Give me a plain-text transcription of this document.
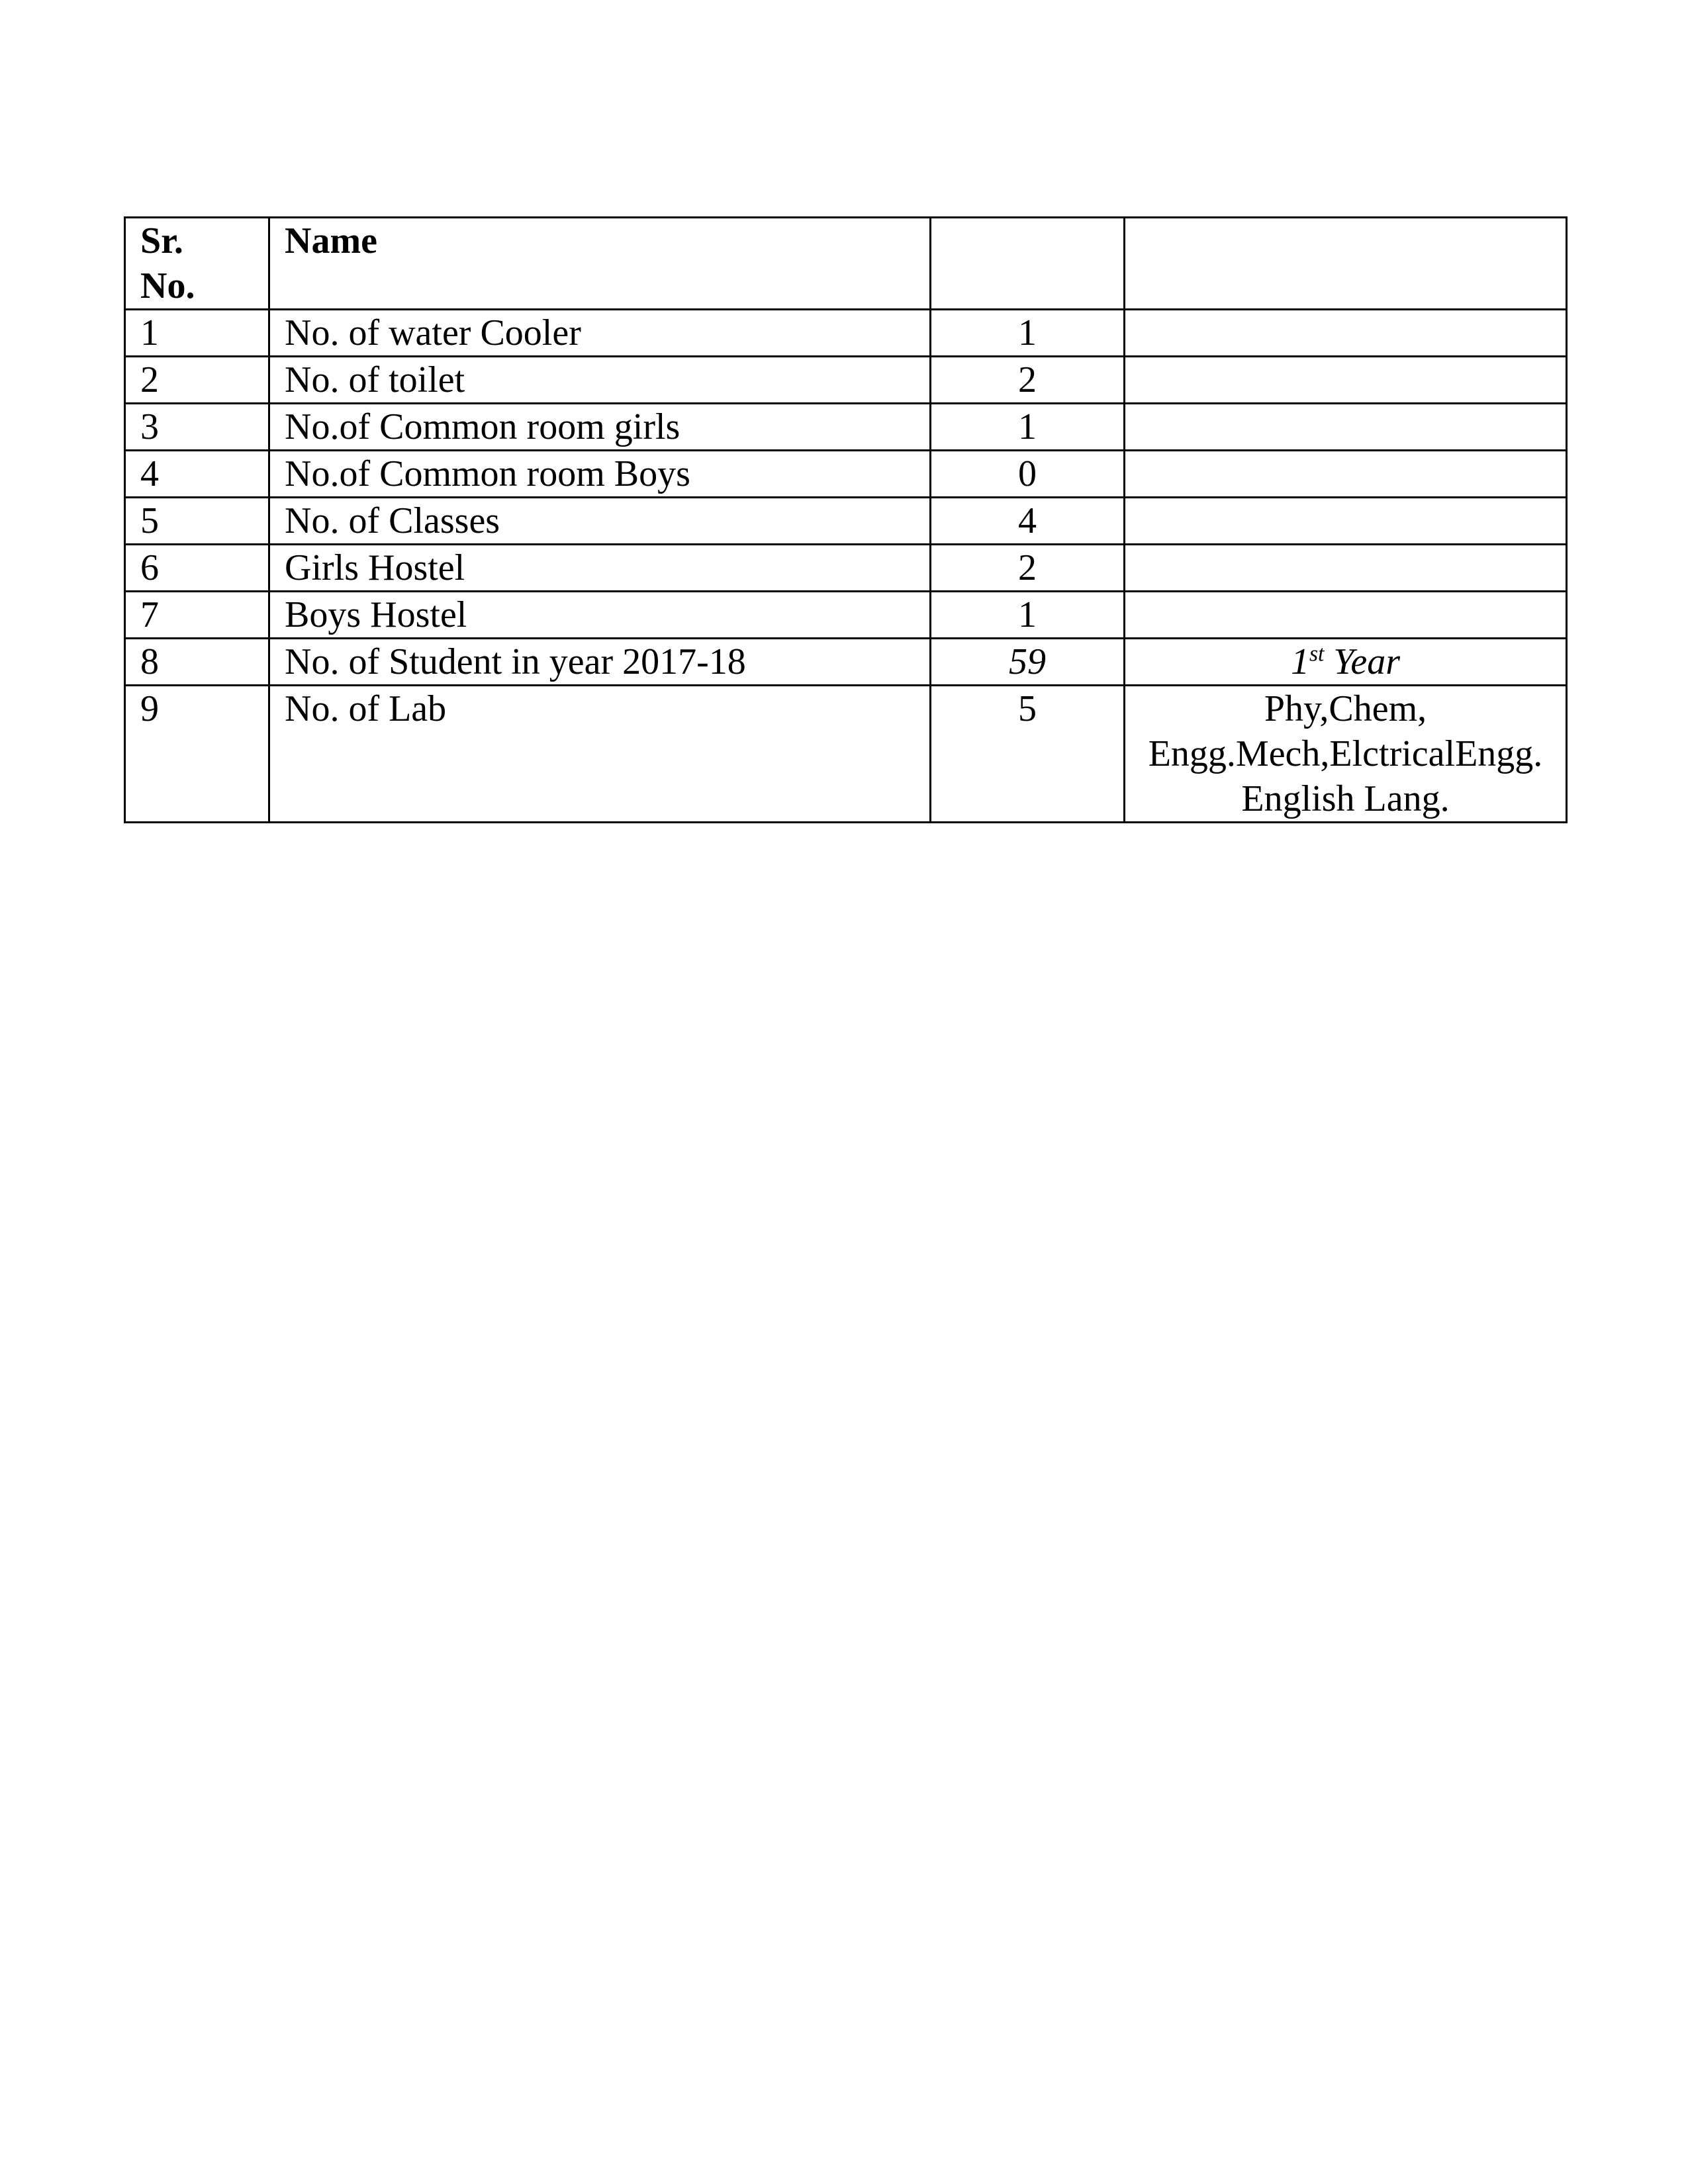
Sr.
No.	Name		
1	No. of water Cooler	1	
2	No. of toilet	2	
3	No.of Common room girls	1	
4	No.of Common room Boys	0	
5	No. of Classes	4	
6	Girls Hostel	2	
7	Boys Hostel	1	
8	No. of Student in year 2017-18	59	1st Year
9	No. of Lab	5	Phy,Chem,
Engg.Mech,ElctricalEngg.
English Lang.
